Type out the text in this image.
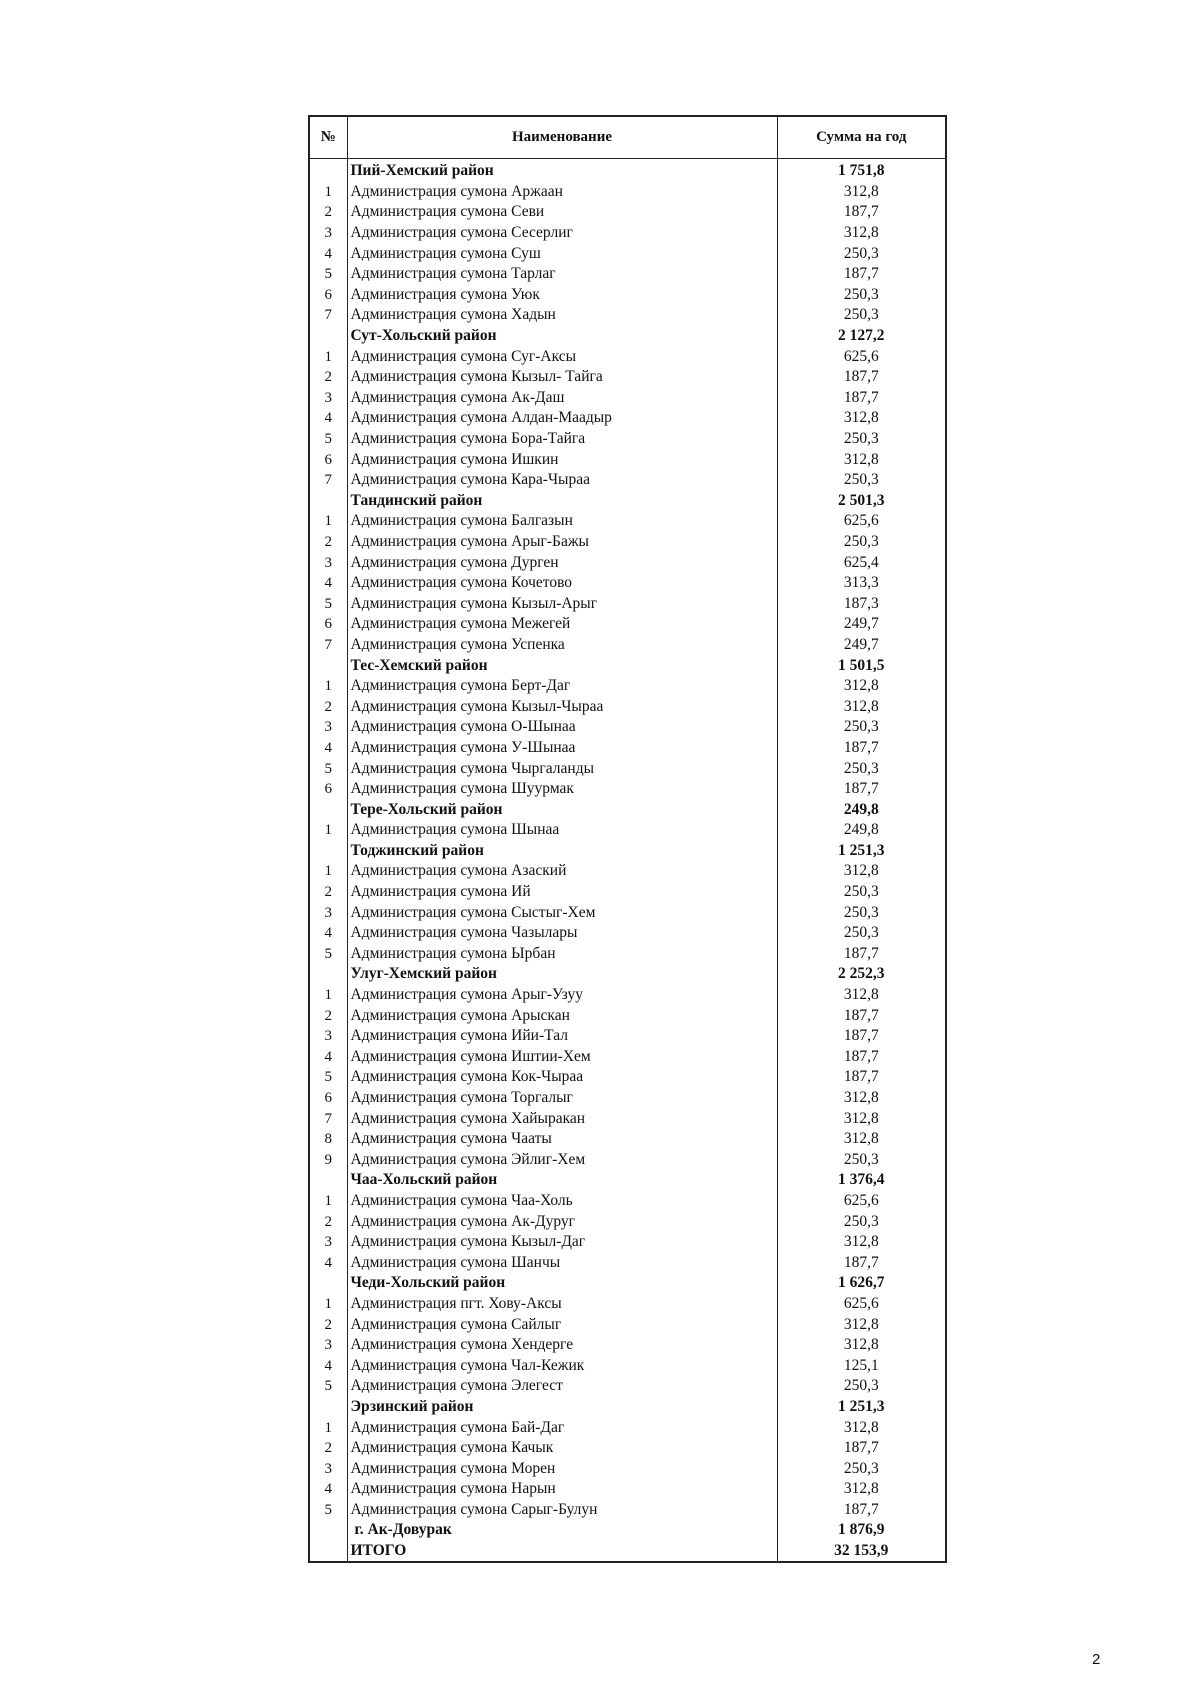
№	Наименование	Сумма на год
	Пий-Хемский район	1 751,8
1	Администрация сумона Аржаан	312,8
2	Администрация сумона Севи	187,7
3	Администрация сумона Сесерлиг	312,8
4	Администрация сумона Суш	250,3
5	Администрация сумона Тарлаг	187,7
6	Администрация сумона Уюк	250,3
7	Администрация сумона Хадын	250,3
	Сут-Хольский район	2 127,2
1	Администрация сумона Суг-Аксы	625,6
2	Администрация сумона Кызыл- Тайга	187,7
3	Администрация сумона Ак-Даш	187,7
4	Администрация сумона Алдан-Маадыр	312,8
5	Администрация сумона Бора-Тайга	250,3
6	Администрация сумона Ишкин	312,8
7	Администрация сумона Кара-Чыраа	250,3
	Тандинский район	2 501,3
1	Администрация сумона Балгазын	625,6
2	Администрация сумона Арыг-Бажы	250,3
3	Администрация сумона Дурген	625,4
4	Администрация сумона Кочетово	313,3
5	Администрация сумона Кызыл-Арыг	187,3
6	Администрация сумона Межегей	249,7
7	Администрация сумона Успенка	249,7
	Тес-Хемский район	1 501,5
1	Администрация сумона Берт-Даг	312,8
2	Администрация сумона Кызыл-Чыраа	312,8
3	Администрация сумона О-Шынаа	250,3
4	Администрация сумона У-Шынаа	187,7
5	Администрация сумона Чыргаланды	250,3
6	Администрация сумона Шуурмак	187,7
	Тере-Хольский район	249,8
1	Администрация сумона Шынаа	249,8
	Тоджинский район	1 251,3
1	Администрация сумона Азаский	312,8
2	Администрация сумона Ий	250,3
3	Администрация сумона Сыстыг-Хем	250,3
4	Администрация сумона Чазылары	250,3
5	Администрация сумона Ырбан	187,7
	Улуг-Хемский район	2 252,3
1	Администрация сумона Арыг-Узуу	312,8
2	Администрация сумона Арыскан	187,7
3	Администрация сумона Ийи-Тал	187,7
4	Администрация сумона Иштии-Хем	187,7
5	Администрация сумона Кок-Чыраа	187,7
6	Администрация сумона Торгалыг	312,8
7	Администрация сумона Хайыракан	312,8
8	Администрация сумона Чааты	312,8
9	Администрация сумона Эйлиг-Хем	250,3
	Чаа-Хольский район	1 376,4
1	Администрация сумона Чаа-Холь	625,6
2	Администрация сумона Ак-Дуруг	250,3
3	Администрация сумона Кызыл-Даг	312,8
4	Администрация сумона Шанчы	187,7
	Чеди-Хольский район	1 626,7
1	Администрация пгт. Хову-Аксы	625,6
2	Администрация сумона Сайлыг	312,8
3	Администрация сумона Хендерге	312,8
4	Администрация сумона Чал-Кежик	125,1
5	Администрация сумона Элегест	250,3
	Эрзинский район	1 251,3
1	Администрация сумона Бай-Даг	312,8
2	Администрация сумона Качык	187,7
3	Администрация сумона Морен	250,3
4	Администрация сумона Нарын	312,8
5	Администрация сумона Сарыг-Булун	187,7
	г. Ак-Довурак	1 876,9
	ИТОГО	32 153,9
2
